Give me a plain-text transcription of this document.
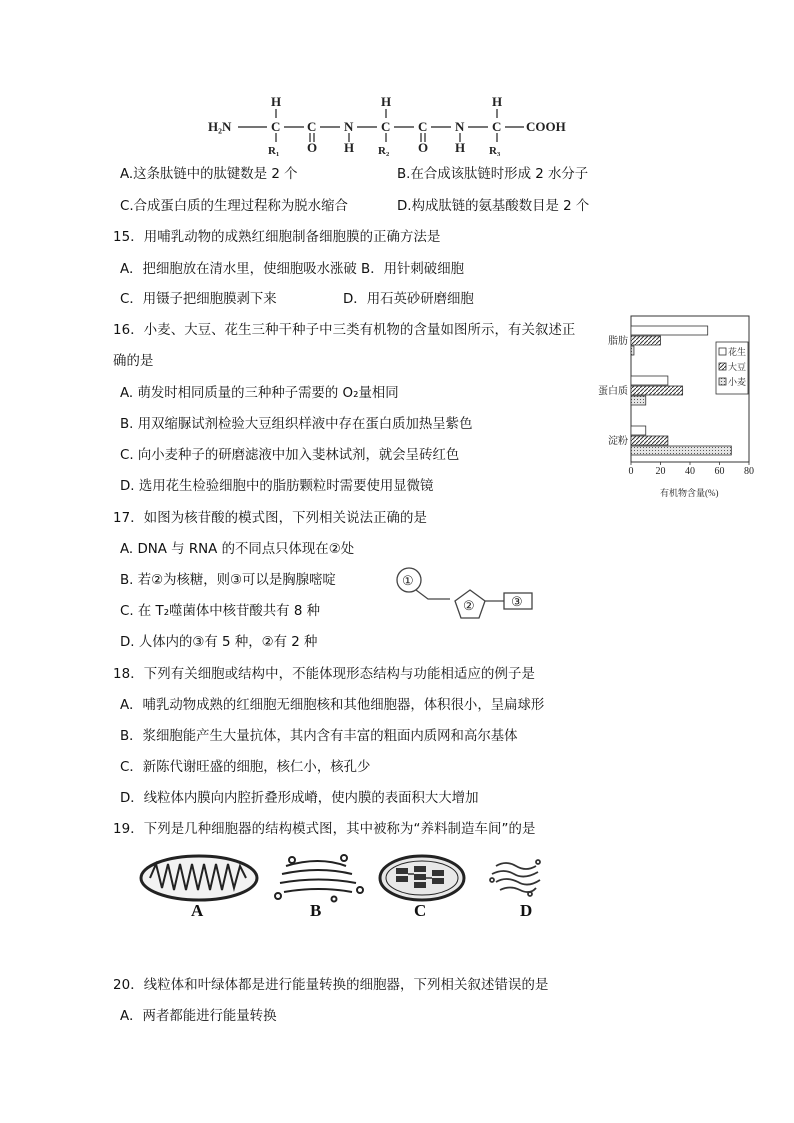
H₂N
H
C C
O
N
H
H
C C
O
N
H
H
C COOH
R₁	R₂	R₃
A.这条肽链中的肽键数是 2 个	B.在合成该肽链时形成 2 水分子
C.合成蛋白质的生理过程称为脱水缩合	D.构成肽链的氨基酸数目是 2 个
15．用哺乳动物的成熟红细胞制备细胞膜的正确方法是
A．把细胞放在清水里，使细胞吸水涨破 B．用针刺破细胞
C．用镊子把细胞膜剥下来	D．用石英砂研磨细胞
16．小麦、大豆、花生三种干种子中三类有机物的含量如图所示，有关叙述正
确的是
A. 萌发时相同质量的三种种子需要的 O₂量相同
B. 用双缩脲试剂检验大豆组织样液中存在蛋白质加热呈紫色
C. 向小麦种子的研磨滤液中加入斐林试剂，就会呈砖红色
D. 选用花生检验细胞中的脂肪颗粒时需要使用显微镜
脂肪
蛋白质
淀粉
0 20 40 60 80
有机物含量(%)
花生
大豆
小麦
17．如图为核苷酸的模式图，下列相关说法正确的是
A. DNA 与 RNA 的不同点只体现在②处
B. 若②为核糖，则③可以是胸腺嘧啶
C. 在 T₂噬菌体中核苷酸共有 8 种
D. 人体内的③有 5 种，②有 2 种
①
②	③
18．下列有关细胞或结构中，不能体现形态结构与功能相适应的例子是
A．哺乳动物成熟的红细胞无细胞核和其他细胞器，体积很小，呈扁球形
B．浆细胞能产生大量抗体，其内含有丰富的粗面内质网和高尔基体
C．新陈代谢旺盛的细胞，核仁小，核孔少
D．线粒体内膜向内腔折叠形成嵴，使内膜的表面积大大增加
19．下列是几种细胞器的结构模式图，其中被称为“养料制造车间”的是
A	B	C	D
20．线粒体和叶绿体都是进行能量转换的细胞器，下列相关叙述错误的是
A．两者都能进行能量转换
